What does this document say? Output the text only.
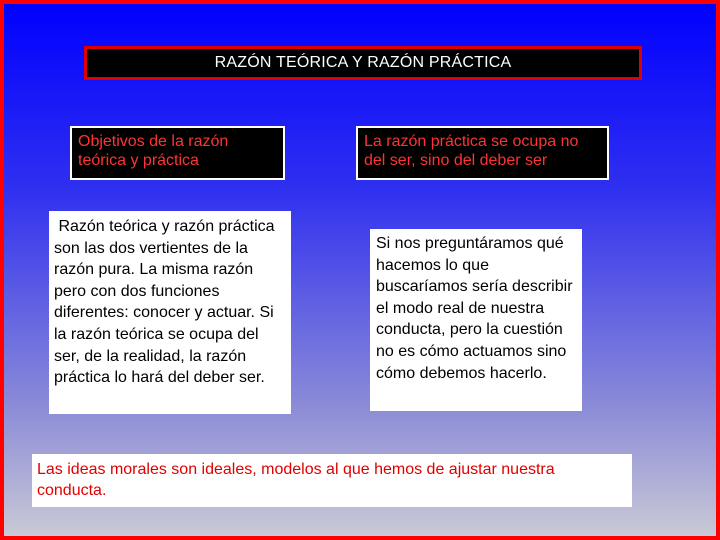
RAZÓN TEÓRICA Y RAZÓN PRÁCTICA
Objetivos de la razón teórica y práctica
La razón práctica se ocupa no del ser, sino del deber ser
Razón teórica y razón práctica  son las dos vertientes de la razón pura. La misma razón pero con dos funciones diferentes: conocer y actuar. Si la razón teórica se ocupa del ser, de la realidad, la razón práctica lo hará del deber ser.
Si nos preguntáramos qué hacemos lo que buscaríamos sería describir el modo real de nuestra conducta, pero la cuestión no es cómo actuamos sino cómo debemos hacerlo.
Las ideas morales son ideales, modelos al que hemos de ajustar nuestra conducta.
